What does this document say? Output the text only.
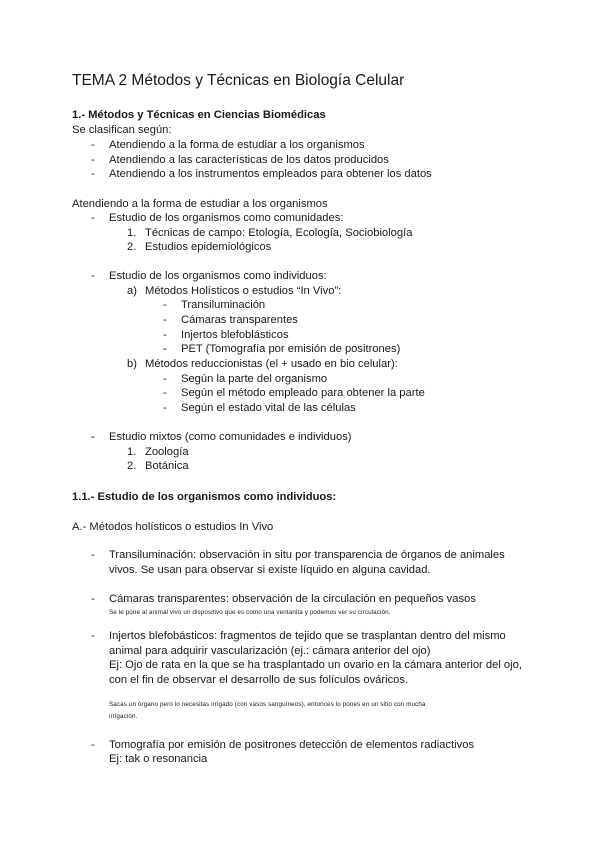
TEMA 2 Métodos y Técnicas en Biología Celular
1.- Métodos y Técnicas en Ciencias Biomédicas
Se clasifican según:
- Atendiendo a la forma de estudiar a los organismos
- Atendiendo a las características de los datos producidos
- Atendiendo a los instrumentos empleados para obtener los datos
Atendiendo a la forma de estudiar a los organismos
- Estudio de los organismos como comunidades:
1. Técnicas de campo: Etología, Ecología, Sociobiología
2. Estudios epidemiológicos
- Estudio de los organismos como individuos:
a) Métodos Holísticos o estudios “In Vivo”:
- Transiluminación
- Cámaras transparentes
- Injertos blefoblásticos
- PET (Tomografía por emisión de positrones)
b) Métodos reduccionistas (el + usado en bio celular):
- Según la parte del organismo
- Según el método empleado para obtener la parte
- Según el estado vital de las células
- Estudio mixtos (como comunidades e individuos)
1. Zoología
2. Botánica
1.1.- Estudio de los organismos como individuos:
A.- Métodos holísticos o estudios In Vivo
- Transiluminación: observación in situ por transparencia de órganos de animales
vivos. Se usan para observar si existe líquido en alguna cavidad.
- Cámaras transparentes: observación de la circulación en pequeños vasos
Se le pone al animal vivo un dispositivo que es como una ventanita y podemos ver su circulación.
- Injertos blefobásticos: fragmentos de tejido que se trasplantan dentro del mismo
animal para adquirir vascularización (ej.: cámara anterior del ojo)
Ej: Ojo de rata en la que se ha trasplantado un ovario en la cámara anterior del ojo,
con el fin de observar el desarrollo de sus folículos ováricos.
Sacas un órgano pero lo necesitas irrigado (con vasos sanguíneos), entonces lo pones en un sitio con mucha
irrigación.
- Tomografía por emisión de positrones detección de elementos radiactivos
Ej: tak o resonancia
